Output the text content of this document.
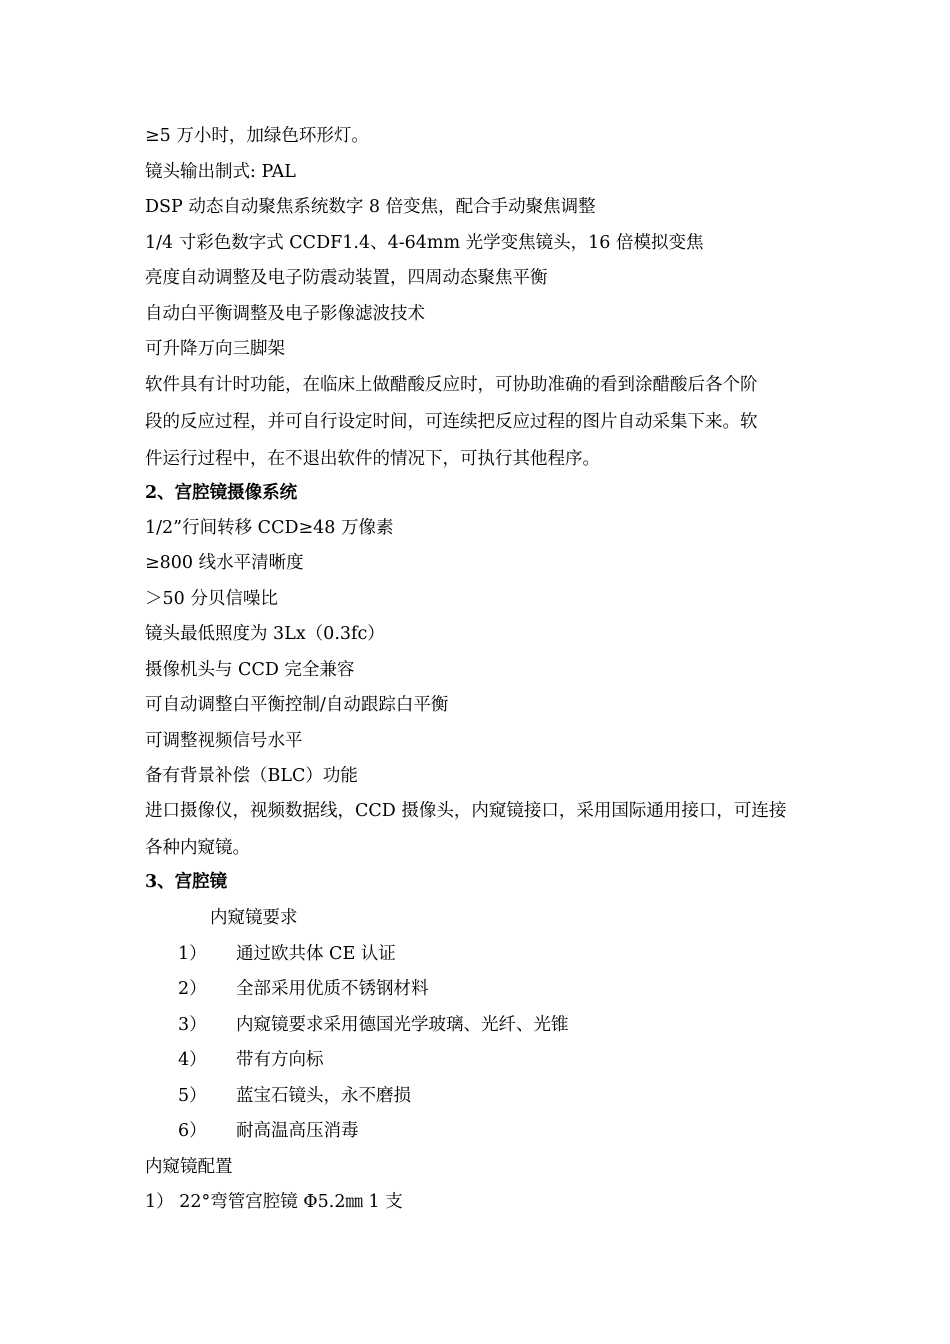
≥5 万小时，加绿色环形灯。

镜头输出制式: PAL

DSP 动态自动聚焦系统数字 8 倍变焦，配合手动聚焦调整

1/4 寸彩色数字式 CCDF1.4、4-64mm 光学变焦镜头，16 倍模拟变焦

亮度自动调整及电子防震动装置，四周动态聚焦平衡

自动白平衡调整及电子影像滤波技术

可升降万向三脚架

软件具有计时功能，在临床上做醋酸反应时，可协助准确的看到涂醋酸后各个阶

段的反应过程，并可自行设定时间，可连续把反应过程的图片自动采集下来。软

件运行过程中，在不退出软件的情况下，可执行其他程序。

2、宫腔镜摄像系统

1/2”行间转移 CCD≥48 万像素

≥800 线水平清晰度

＞50 分贝信噪比

镜头最低照度为 3Lx（0.3fc）

摄像机头与 CCD 完全兼容

可自动调整白平衡控制/自动跟踪白平衡

可调整视频信号水平

备有背景补偿（BLC）功能

进口摄像仪，视频数据线，CCD 摄像头，内窥镜接口，采用国际通用接口，可连接

各种内窥镜。

3、宫腔镜

内窥镜要求

1） 通过欧共体 CE 认证
2） 全部采用优质不锈钢材料
3） 内窥镜要求采用德国光学玻璃、光纤、光锥
4） 带有方向标
5） 蓝宝石镜头，永不磨损
6） 耐高温高压消毒

内窥镜配置

1） 22°弯管宫腔镜 Φ5.2㎜ 1 支
